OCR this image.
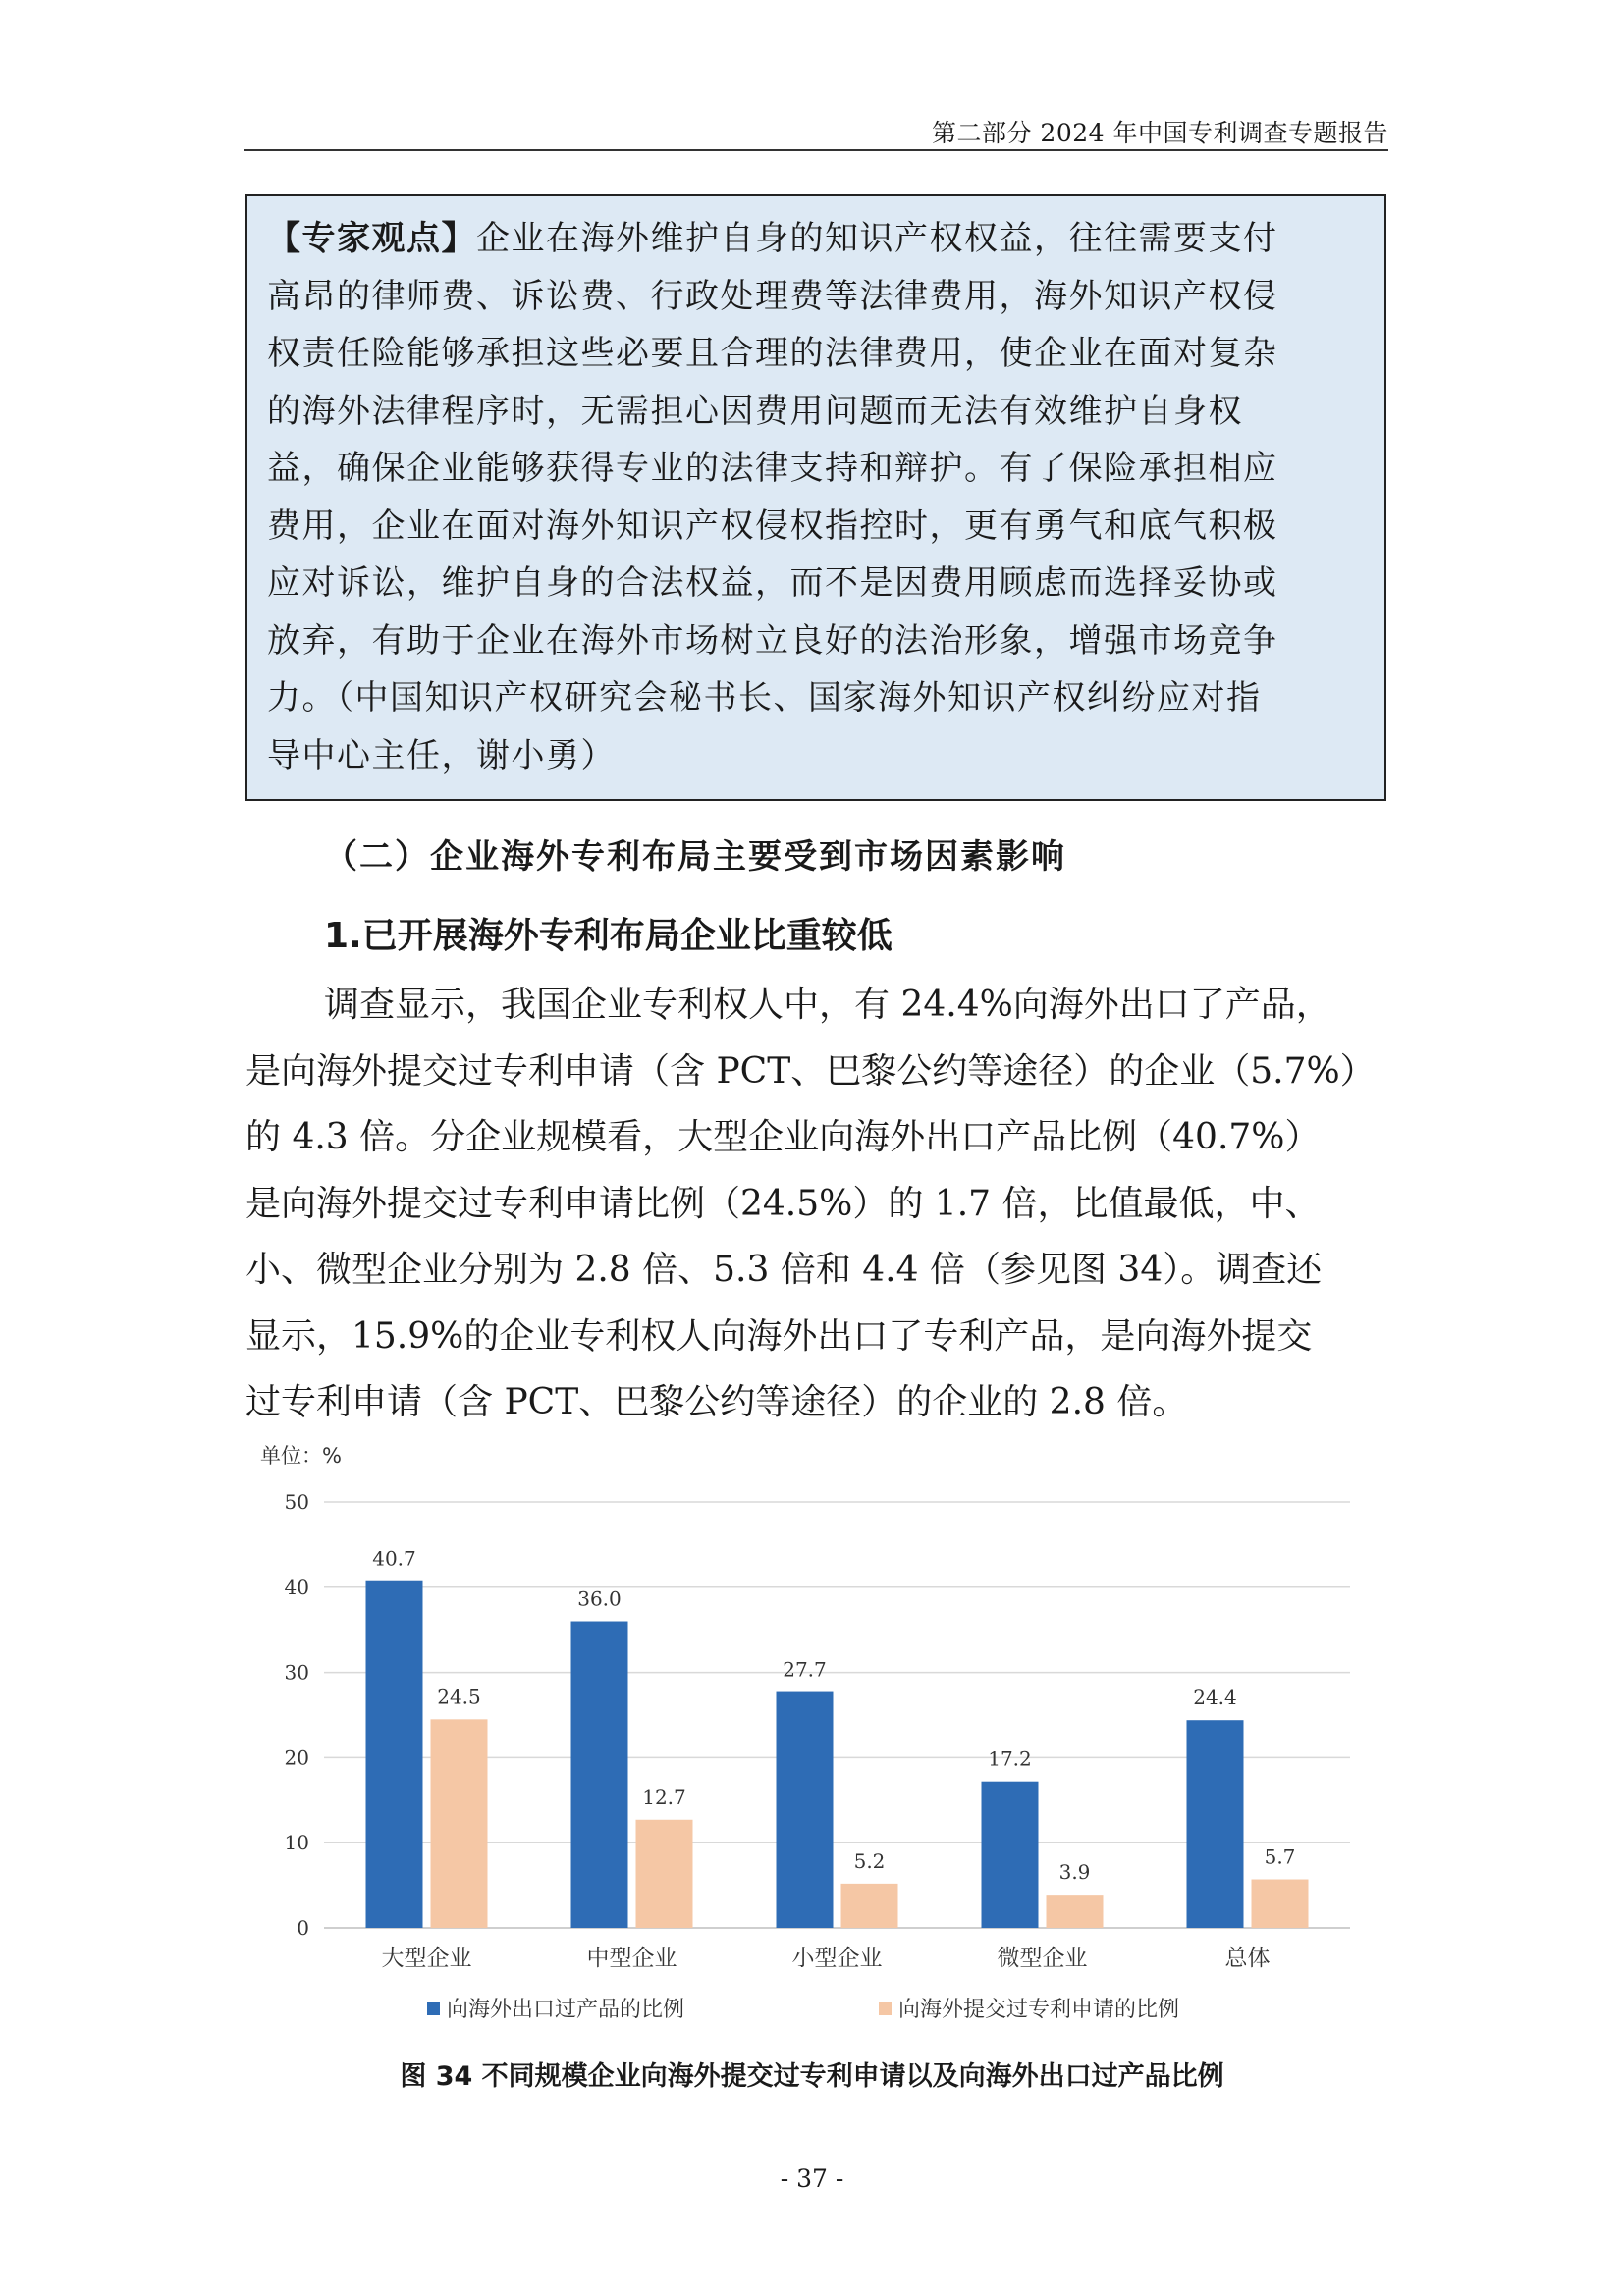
第二部分 2024 年中国专利调查专题报告
【专家观点】企业在海外维护自身的知识产权权益，往往需要支付
高昂的律师费、诉讼费、行政处理费等法律费用，海外知识产权侵
权责任险能够承担这些必要且合理的法律费用，使企业在面对复杂
的海外法律程序时，无需担心因费用问题而无法有效维护自身权
益，确保企业能够获得专业的法律支持和辩护。有了保险承担相应
费用，企业在面对海外知识产权侵权指控时，更有勇气和底气积极
应对诉讼，维护自身的合法权益，而不是因费用顾虑而选择妥协或
放弃，有助于企业在海外市场树立良好的法治形象，增强市场竞争
力。（中国知识产权研究会秘书长、国家海外知识产权纠纷应对指
导中心主任，谢小勇）
（二）企业海外专利布局主要受到市场因素影响
1.已开展海外专利布局企业比重较低
调查显示，我国企业专利权人中，有 24.4%向海外出口了产品，
是向海外提交过专利申请（含 PCT、巴黎公约等途径）的企业（5.7%）
的 4.3 倍。分企业规模看，大型企业向海外出口产品比例（40.7%）
是向海外提交过专利申请比例（24.5%）的 1.7 倍，比值最低，中、
小、微型企业分别为 2.8 倍、5.3 倍和 4.4 倍（参见图 34）。调查还
显示，15.9%的企业专利权人向海外出口了专利产品，是向海外提交
过专利申请（含 PCT、巴黎公约等途径）的企业的 2.8 倍。
单位：%
0
10
20
30
40
50
40.7
24.5
大型企业
36.0
12.7
中型企业
27.7
5.2
小型企业
17.2
3.9
微型企业
24.4
5.7
总体
向海外出口过产品的比例	向海外提交过专利申请的比例
图 34 不同规模企业向海外提交过专利申请以及向海外出口过产品比例
- 37 -
